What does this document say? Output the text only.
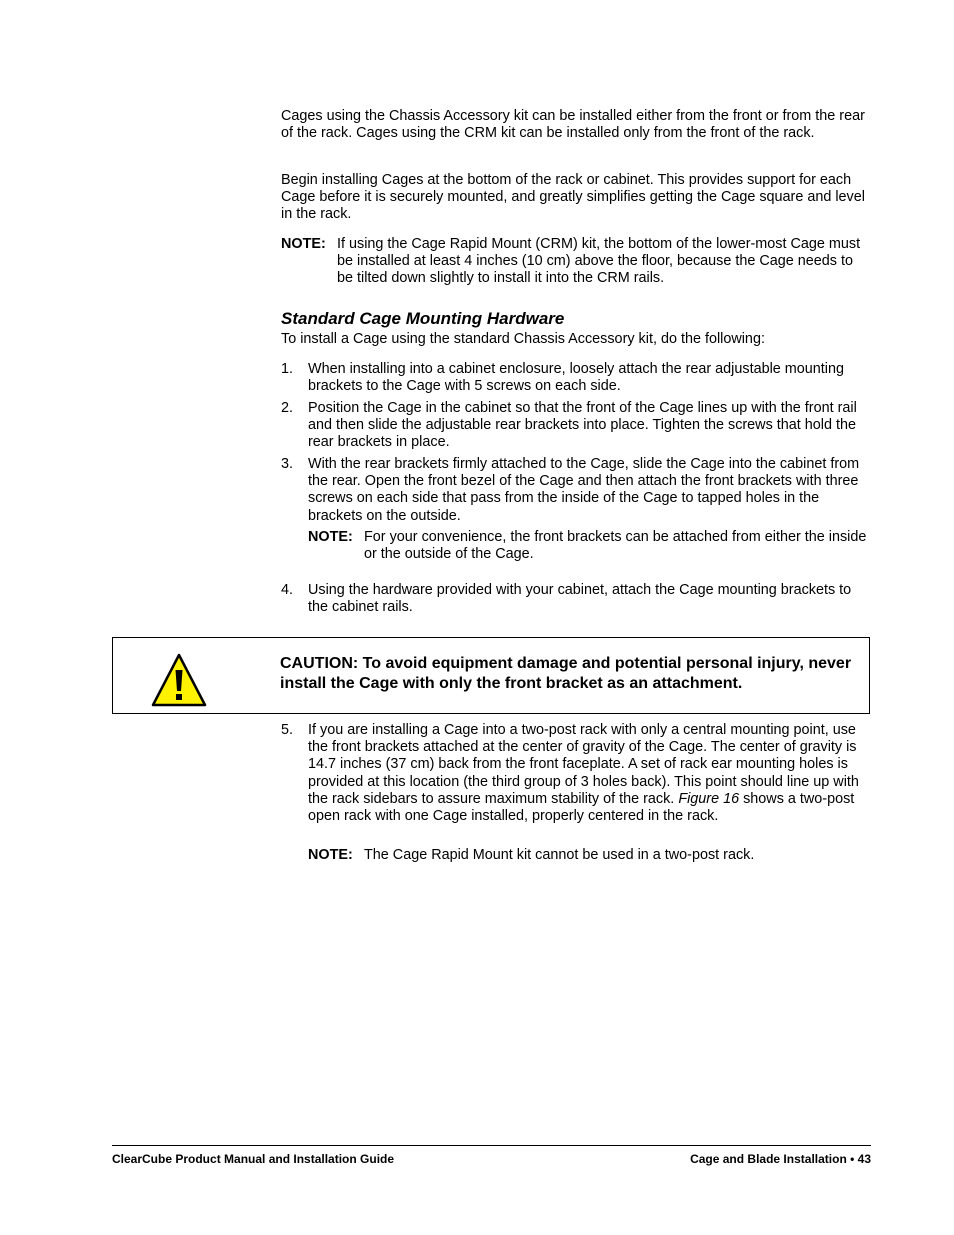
Cages using the Chassis Accessory kit can be installed either from the front or from the rear of the rack. Cages using the CRM kit can be installed only from the front of the rack.

Begin installing Cages at the bottom of the rack or cabinet. This provides support for each Cage before it is securely mounted, and greatly simplifies getting the Cage square and level in the rack.

NOTE: If using the Cage Rapid Mount (CRM) kit, the bottom of the lower-most Cage must be installed at least 4 inches (10 cm) above the floor, because the Cage needs to be tilted down slightly to install it into the CRM rails.
Standard Cage Mounting Hardware

To install a Cage using the standard Chassis Accessory kit, do the following:

1.	When installing into a cabinet enclosure, loosely attach the rear adjustable mounting brackets to the Cage with 5 screws on each side.
2.	Position the Cage in the cabinet so that the front of the Cage lines up with the front rail and then slide the adjustable rear brackets into place. Tighten the screws that hold the rear brackets in place.
3.	With the rear brackets firmly attached to the Cage, slide the Cage into the cabinet from the rear. Open the front bezel of the Cage and then attach the front brackets with three screws on each side that pass from the inside of the Cage to tapped holes in the brackets on the outside.
NOTE: For your convenience, the front brackets can be attached from either the inside or the outside of the Cage.
4.	Using the hardware provided with your cabinet, attach the Cage mounting brackets to the cabinet rails.
CAUTION: To avoid equipment damage and potential personal injury, never install the Cage with only the front bracket as an attachment.
5.	If you are installing a Cage into a two-post rack with only a central mounting point, use the front brackets attached at the center of gravity of the Cage. The center of gravity is 14.7 inches (37 cm) back from the front faceplate. A set of rack ear mounting holes is provided at this location (the third group of 3 holes back). This point should line up with the rack sidebars to assure maximum stability of the rack. Figure 16 shows a two-post open rack with one Cage installed, properly centered in the rack.
NOTE: The Cage Rapid Mount kit cannot be used in a two-post rack.
ClearCube Product Manual and Installation Guide	Cage and Blade Installation • 43
